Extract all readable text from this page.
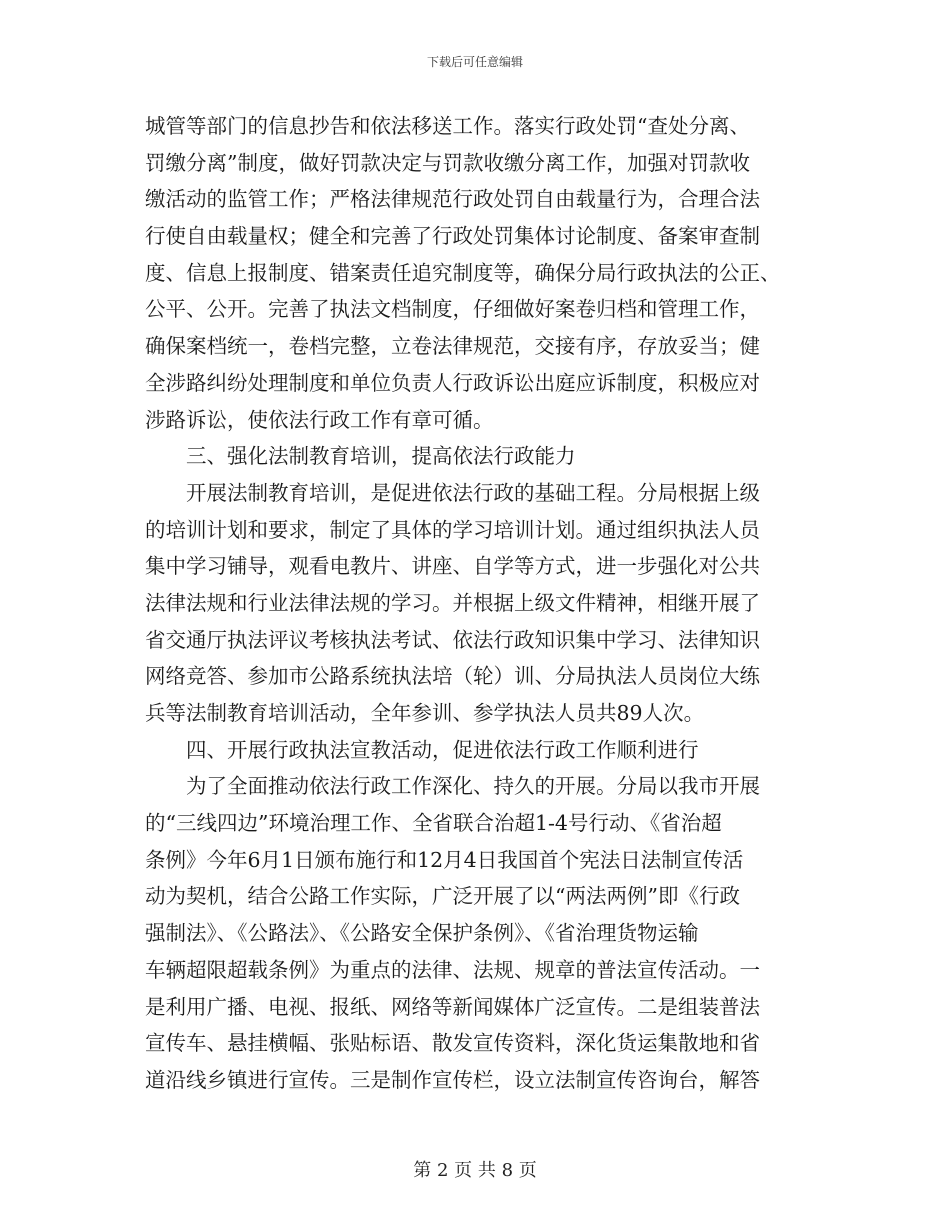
下载后可任意编辑
城管等部门的信息抄告和依法移送工作。落实行政处罚“查处分离、
罚缴分离”制度，做好罚款决定与罚款收缴分离工作，加强对罚款收
缴活动的监管工作；严格法律规范行政处罚自由载量行为，合理合法
行使自由载量权；健全和完善了行政处罚集体讨论制度、备案审查制
度、信息上报制度、错案责任追究制度等，确保分局行政执法的公正、
公平、公开。完善了执法文档制度，仔细做好案卷归档和管理工作，
确保案档统一，卷档完整，立卷法律规范，交接有序，存放妥当；健
全涉路纠纷处理制度和单位负责人行政诉讼出庭应诉制度，积极应对
涉路诉讼，使依法行政工作有章可循。
三、强化法制教育培训，提高依法行政能力
开展法制教育培训，是促进依法行政的基础工程。分局根据上级
的培训计划和要求，制定了具体的学习培训计划。通过组织执法人员
集中学习铺导，观看电教片、讲座、自学等方式，进一步强化对公共
法律法规和行业法律法规的学习。并根据上级文件精神，相继开展了
省交通厅执法评议考核执法考试、依法行政知识集中学习、法律知识
网络竞答、参加市公路系统执法培（轮）训、分局执法人员岗位大练
兵等法制教育培训活动，全年参训、参学执法人员共89人次。
四、开展行政执法宣教活动，促进依法行政工作顺利进行
为了全面推动依法行政工作深化、持久的开展。分局以我市开展
的“三线四边”环境治理工作、全省联合治超1-4号行动、《省治超
条例》今年6月1日颁布施行和12月4日我国首个宪法日法制宣传活
动为契机，结合公路工作实际，广泛开展了以“两法两例”即《行政
强制法》、《公路法》、《公路安全保护条例》、《省治理货物运输
车辆超限超载条例》为重点的法律、法规、规章的普法宣传活动。一
是利用广播、电视、报纸、网络等新闻媒体广泛宣传。二是组装普法
宣传车、悬挂横幅、张贴标语、散发宣传资料，深化货运集散地和省
道沿线乡镇进行宣传。三是制作宣传栏，设立法制宣传咨询台，解答
第 2 页 共 8 页
